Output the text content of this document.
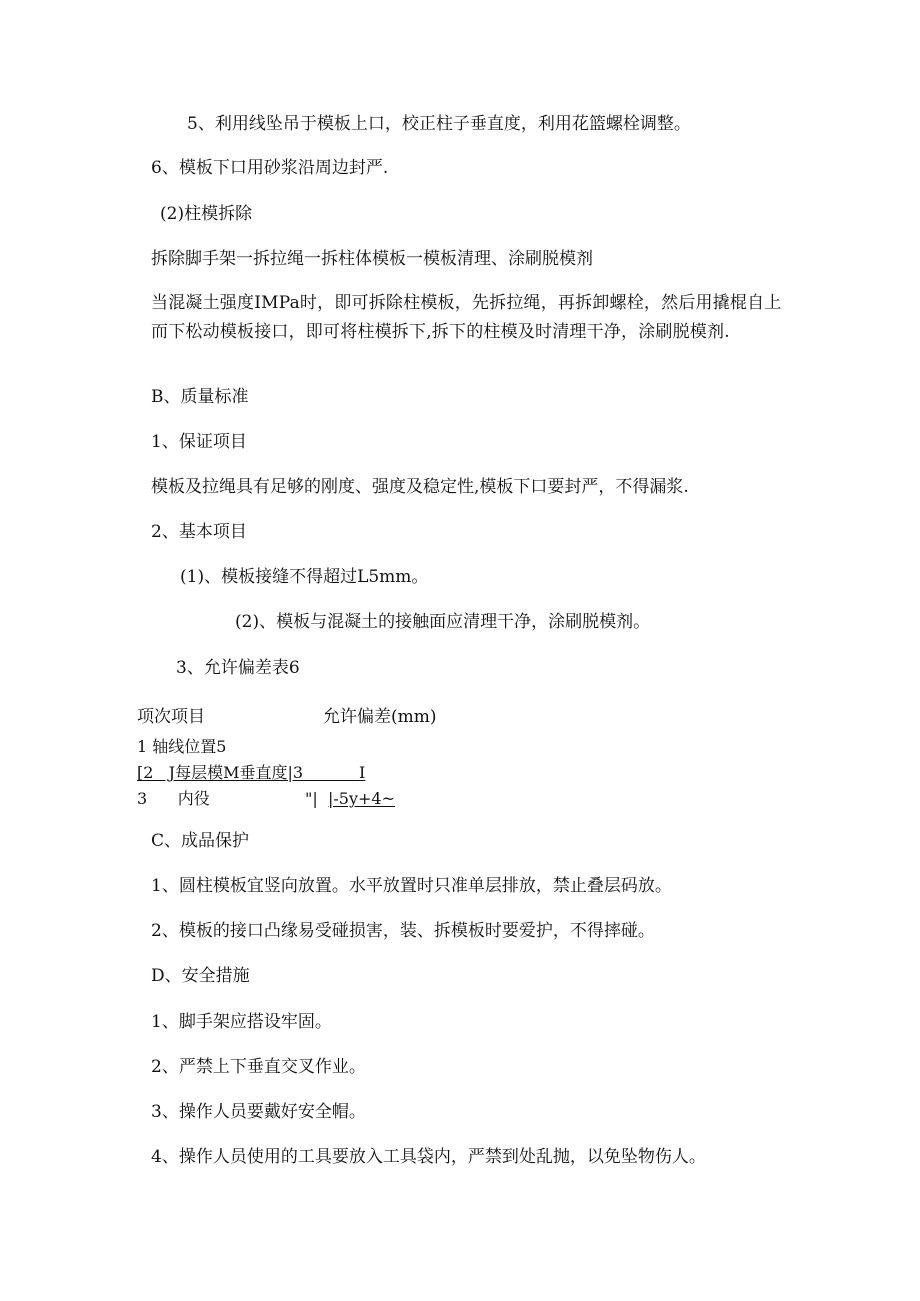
5、利用线坠吊于模板上口，校正柱子垂直度，利用花篮螺栓调整。
6、模板下口用砂浆沿周边封严.
(2)柱模拆除
拆除脚手架一拆拉绳一拆柱体模板一模板清理、涂刷脱模剂
当混凝土强度IMPa时，即可拆除柱模板，先拆拉绳，再拆卸螺栓，然后用撬棍自上而下松动模板接口，即可将柱模拆下,拆下的柱模及时清理干净，涂刷脱模剂.
B、质量标准
1、保证项目
模板及拉绳具有足够的刚度、强度及稳定性,模板下口要封严，不得漏浆.
2、基本项目
(1)、模板接缝不得超过L5mm。
(2)、模板与混凝土的接触面应清理干净，涂刷脱模剂。
3、允许偏差表6
项次项目	允许偏差(mm)
1 轴线位置5
[2   J每层模M垂直度|3           I
3      内役	"| |-5y+4~
C、成品保护
1、圆柱模板宜竖向放置。水平放置时只准单层排放，禁止叠层码放。
2、模板的接口凸缘易受碰损害，装、拆模板时要爱护，不得摔碰。
D、安全措施
1、脚手架应搭设牢固。
2、严禁上下垂直交叉作业。
3、操作人员要戴好安全帽。
4、操作人员使用的工具要放入工具袋内，严禁到处乱抛，以免坠物伤人。
